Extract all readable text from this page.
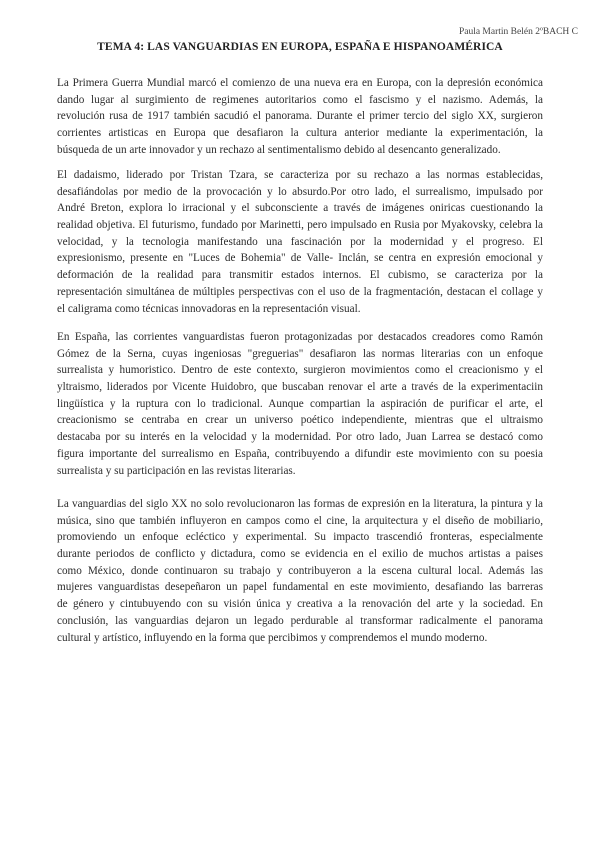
Paula Martin Belén 2ºBACH C
TEMA 4: LAS VANGUARDIAS EN EUROPA, ESPAÑA E HISPANOAMÉRICA
La Primera Guerra Mundial marcó el comienzo de una nueva era en Europa, con la depresión económica
dando lugar al surgimiento de regimenes autoritarios como el fascismo y el nazismo. Además, la
revolución rusa de 1917 también sacudió el panorama. Durante el primer tercio del siglo XX, surgieron
corrientes artisticas en Europa que desafiaron la cultura anterior mediante la experimentación, la
búsqueda de un arte innovador y un rechazo al sentimentalismo debido al desencanto generalizado.
El dadaismo, liderado por Tristan Tzara, se caracteriza por su rechazo a las normas establecidas,
desafiándolas por medio de la provocación y lo absurdo.Por otro lado, el surrealismo, impulsado por
André Breton, explora lo irracional y el subconsciente a través de imágenes oniricas cuestionando la
realidad objetiva. El futurismo, fundado por Marinetti, pero impulsado en Rusia por Myakovsky, celebra la
velocidad, y la tecnologia manifestando una fascinación por la modernidad y el progreso. El
expresionismo, presente en "Luces de Bohemia" de Valle- Inclán, se centra en expresión emocional y
deformación de la realidad para transmitir estados internos. El cubismo, se caracteriza por la
representación simultánea de múltiples perspectivas con el uso de la fragmentación, destacan el collage y
el caligrama como técnicas innovadoras en la representación visual.
En España, las corrientes vanguardistas fueron protagonizadas por destacados creadores como Ramón
Gómez de la Serna, cuyas ingeniosas "greguerias" desafiaron las normas literarias con un enfoque
surrealista y humoristico. Dentro de este contexto, surgieron movimientos como el creacionismo y el
yltraismo, liderados por Vicente Huidobro, que buscaban renovar el arte a través de la experimentaciin
lingüística y la ruptura con lo tradicional. Aunque compartian la aspiración de purificar el arte, el
creacionismo se centraba en crear un universo poético independiente, mientras que el ultraismo
destacaba por su interés en la velocidad y la modernidad. Por otro lado, Juan Larrea se destacó como
figura importante del surrealismo en España, contribuyendo a difundir este movimiento con su poesia
surrealista y su participación en las revistas literarias.
La vanguardias del siglo XX no solo revolucionaron las formas de expresión en la literatura, la pintura y la
música, sino que también influyeron en campos como el cine, la arquitectura y el diseño de mobiliario,
promoviendo un enfoque ecléctico y experimental. Su impacto trascendió fronteras, especialmente
durante periodos de conflicto y dictadura, como se evidencia en el exilio de muchos artistas a paises
como México, donde continuaron su trabajo y contribuyeron a la escena cultural local. Además las
mujeres vanguardistas desepeñaron un papel fundamental en este movimiento, desafiando las barreras
de género y cintubuyendo con su visión única y creativa a la renovación del arte y la sociedad. En
conclusión, las vanguardias dejaron un legado perdurable al transformar radicalmente el panorama
cultural y artístico, influyendo en la forma que percibimos y comprendemos el mundo moderno.
